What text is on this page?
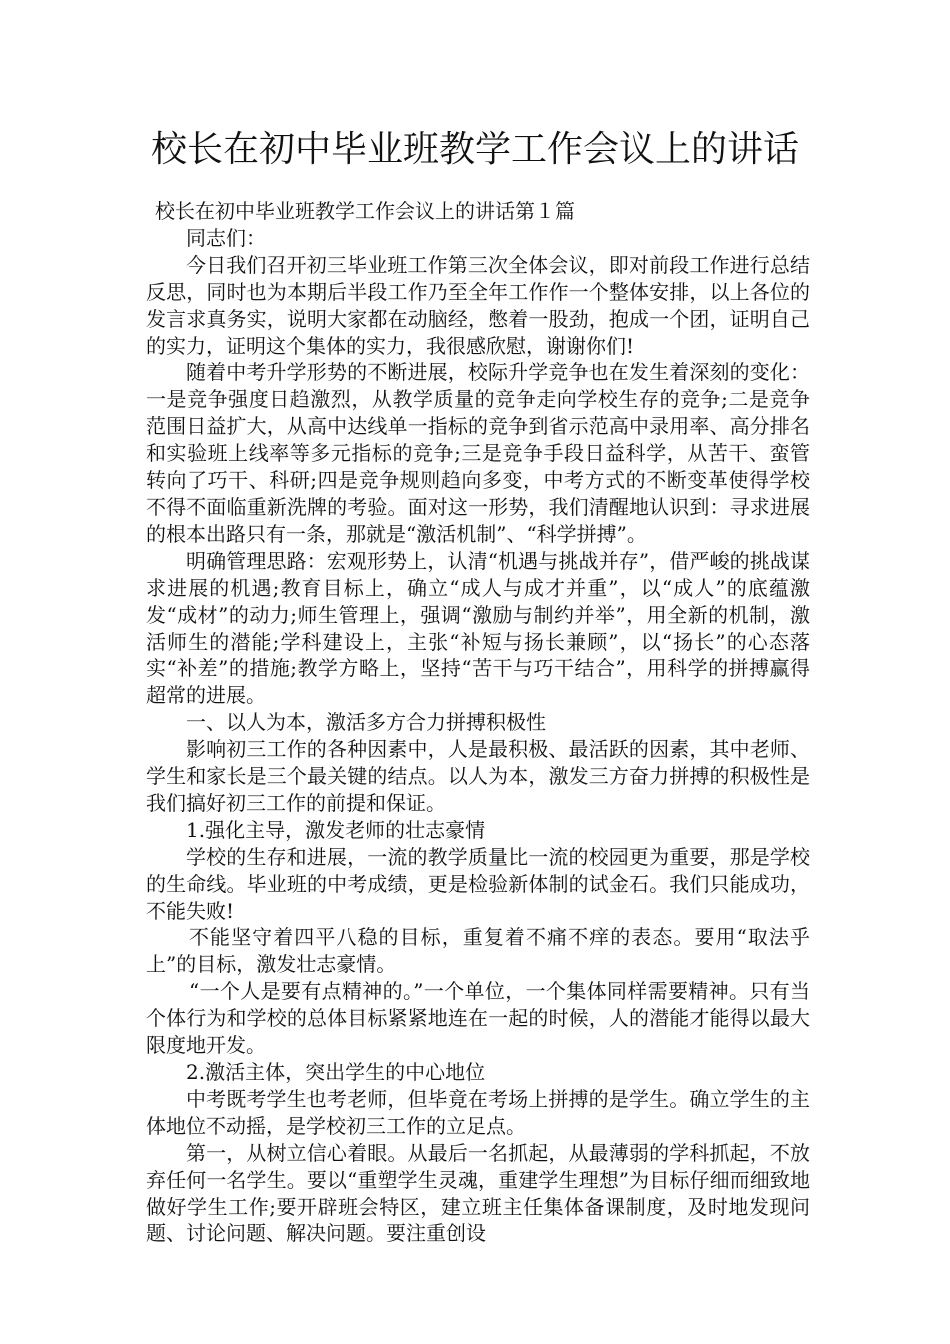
校长在初中毕业班教学工作会议上的讲话

校长在初中毕业班教学工作会议上的讲话第１篇

同志们：

今日我们召开初三毕业班工作第三次全体会议，即对前段工作进行总结反思，同时也为本期后半段工作乃至全年工作作一个整体安排，以上各位的发言求真务实，说明大家都在动脑经，憋着一股劲，抱成一个团，证明自己的实力，证明这个集体的实力，我很感欣慰，谢谢你们!

随着中考升学形势的不断进展，校际升学竞争也在发生着深刻的变化：一是竞争强度日趋激烈，从教学质量的竞争走向学校生存的竞争;二是竞争范围日益扩大，从高中达线单一指标的竞争到省示范高中录用率、高分排名和实验班上线率等多元指标的竞争;三是竞争手段日益科学，从苦干、蛮管转向了巧干、科研;四是竞争规则趋向多变，中考方式的不断变革使得学校不得不面临重新洗牌的考验。面对这一形势，我们清醒地认识到：寻求进展的根本出路只有一条，那就是“激活机制”、“科学拼搏”。

明确管理思路：宏观形势上，认清“机遇与挑战并存”，借严峻的挑战谋求进展的机遇;教育目标上，确立“成人与成才并重”，以“成人”的底蕴激发“成材”的动力;师生管理上，强调“激励与制约并举”，用全新的机制，激活师生的潜能;学科建设上，主张“补短与扬长兼顾”，以“扬长”的心态落实“补差”的措施;教学方略上，坚持“苦干与巧干结合”，用科学的拼搏赢得超常的进展。

一、以人为本，激活多方合力拼搏积极性

影响初三工作的各种因素中，人是最积极、最活跃的因素，其中老师、学生和家长是三个最关键的结点。以人为本，激发三方奋力拼搏的积极性是我们搞好初三工作的前提和保证。

1.强化主导，激发老师的壮志豪情

学校的生存和进展，一流的教学质量比一流的校园更为重要，那是学校的生命线。毕业班的中考成绩，更是检验新体制的试金石。我们只能成功，不能失败!

不能坚守着四平八稳的目标，重复着不痛不痒的表态。要用“取法乎上”的目标，激发壮志豪情。

“一个人是要有点精神的。”一个单位，一个集体同样需要精神。只有当个体行为和学校的总体目标紧紧地连在一起的时候，人的潜能才能得以最大限度地开发。

2.激活主体，突出学生的中心地位

中考既考学生也考老师，但毕竟在考场上拼搏的是学生。确立学生的主体地位不动摇，是学校初三工作的立足点。

第一，从树立信心着眼。从最后一名抓起，从最薄弱的学科抓起，不放弃任何一名学生。要以“重塑学生灵魂，重建学生理想”为目标仔细而细致地做好学生工作;要开辟班会特区，建立班主任集体备课制度，及时地发现问题、讨论问题、解决问题。要注重创设
